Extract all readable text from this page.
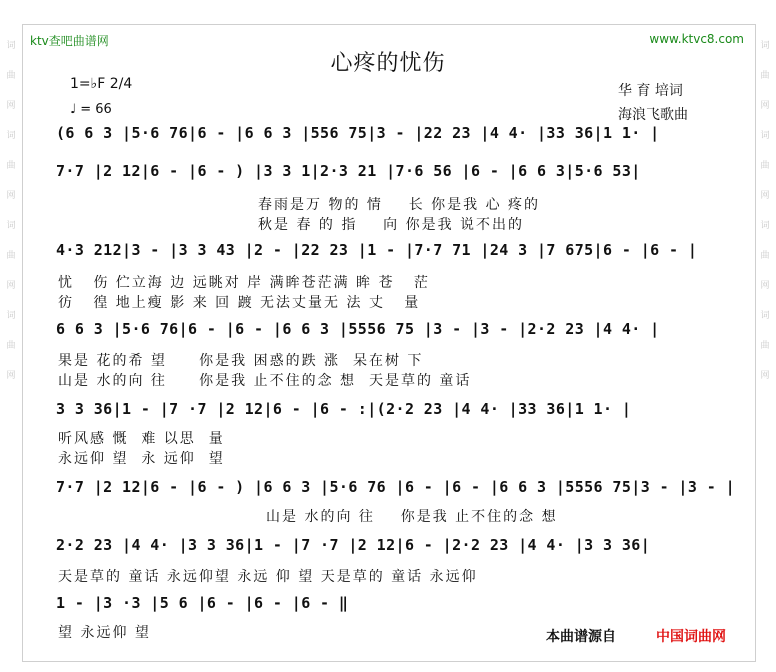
词
曲
网
词
曲
网
词
曲
网
词
曲
网
词
曲
网
词
曲
网
词
曲
网
词
曲
网
ktv查吧曲谱网	www.ktvc8.com
心疼的忧伤
1=♭F 2/4
♩ = 66
华 育 培词
海浪飞歌曲
(6 6 3 |5·6 76|6 - |6 6 3 |556 75|3 - |22 23 |4 4· |33 36|1 1· |
7·7 |2 12|6 - |6 - ) |3 3 1|2·3 21 |7·6 56 |6 - |6 6 3|5·6 53|
春雨是万 物的 情    长 你是我 心 疼的
秋是 春 的 指    向 你是我 说不出的
4·3 212|3 - |3 3 43 |2 - |22 23 |1 - |7·7 71 |24 3 |7 675|6 - |6 - |
忧   伤 伫立海 边 远眺对 岸 满眸苍茫满 眸 苍   茫
彷   徨 地上瘦 影 来 回 踱 无法丈量无 法 丈   量
6 6 3 |5·6 76|6 - |6 - |6 6 3 |5556 75 |3 - |3 - |2·2 23 |4 4· |
果是 花的希 望     你是我 困惑的跌 涨  呆在树 下
山是 水的向 往     你是我 止不住的念 想  天是草的 童话
3 3 36|1 - |7 ·7 |2 12|6 - |6 - :|(2·2 23 |4 4· |33 36|1 1· |
听风感 慨  难 以思  量
永远仰 望  永 远仰  望
7·7 |2 12|6 - |6 - ) |6 6 3 |5·6 76 |6 - |6 - |6 6 3 |5556 75|3 - |3 - |
山是 水的向 往    你是我 止不住的念 想
2·2 23 |4 4· |3 3 36|1 - |7 ·7 |2 12|6 - |2·2 23 |4 4· |3 3 36|
天是草的 童话 永远仰望 永远 仰 望 天是草的 童话 永远仰
1 - |3 ·3 |5 6 |6 - |6 - |6 - ‖
望 永远仰 望	本曲谱源自	中国词曲网
